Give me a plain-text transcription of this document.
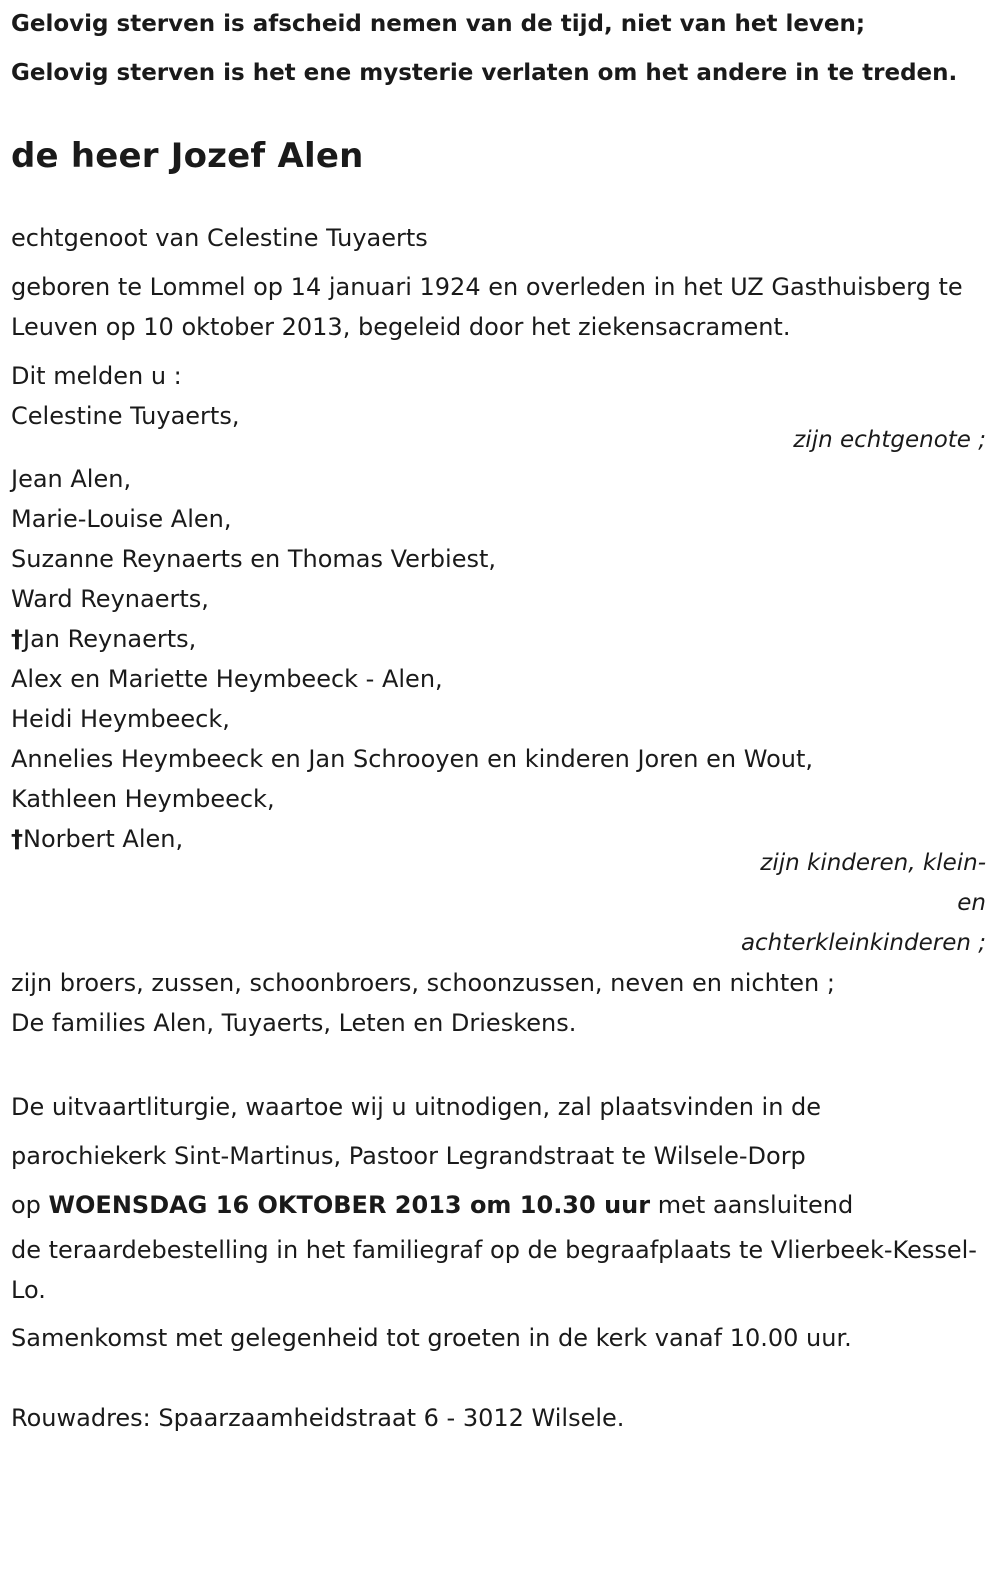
Gelovig sterven is afscheid nemen van de tijd, niet van het leven;

Gelovig sterven is het ene mysterie verlaten om het andere in te treden.

de heer Jozef Alen

echtgenoot van Celestine Tuyaerts

geboren te Lommel op 14 januari 1924 en overleden in het UZ Gasthuisberg te Leuven op 10 oktober 2013, begeleid door het ziekensacrament.

Dit melden u :

Celestine Tuyaerts,

zijn echtgenote ;

Jean Alen,

Marie-Louise Alen,

Suzanne Reynaerts en Thomas Verbiest,

Ward Reynaerts,

†Jan Reynaerts,

Alex en Mariette Heymbeeck - Alen,

Heidi Heymbeeck,

Annelies Heymbeeck en Jan Schrooyen en kinderen Joren en Wout,

Kathleen Heymbeeck,

†Norbert Alen,

zijn kinderen, klein- en achterkleinkinderen ;

zijn broers, zussen, schoonbroers, schoonzussen, neven en nichten ;

De families Alen, Tuyaerts, Leten en Drieskens.

De uitvaartliturgie, waartoe wij u uitnodigen, zal plaatsvinden in de

parochiekerk Sint-Martinus, Pastoor Legrandstraat te Wilsele-Dorp

op WOENSDAG 16 OKTOBER 2013 om 10.30 uur met aansluitend

de teraardebestelling in het familiegraf op de begraafplaats te Vlierbeek-Kessel-Lo.

Samenkomst met gelegenheid tot groeten in de kerk vanaf 10.00 uur.

Rouwadres: Spaarzaamheidstraat 6 - 3012 Wilsele.
